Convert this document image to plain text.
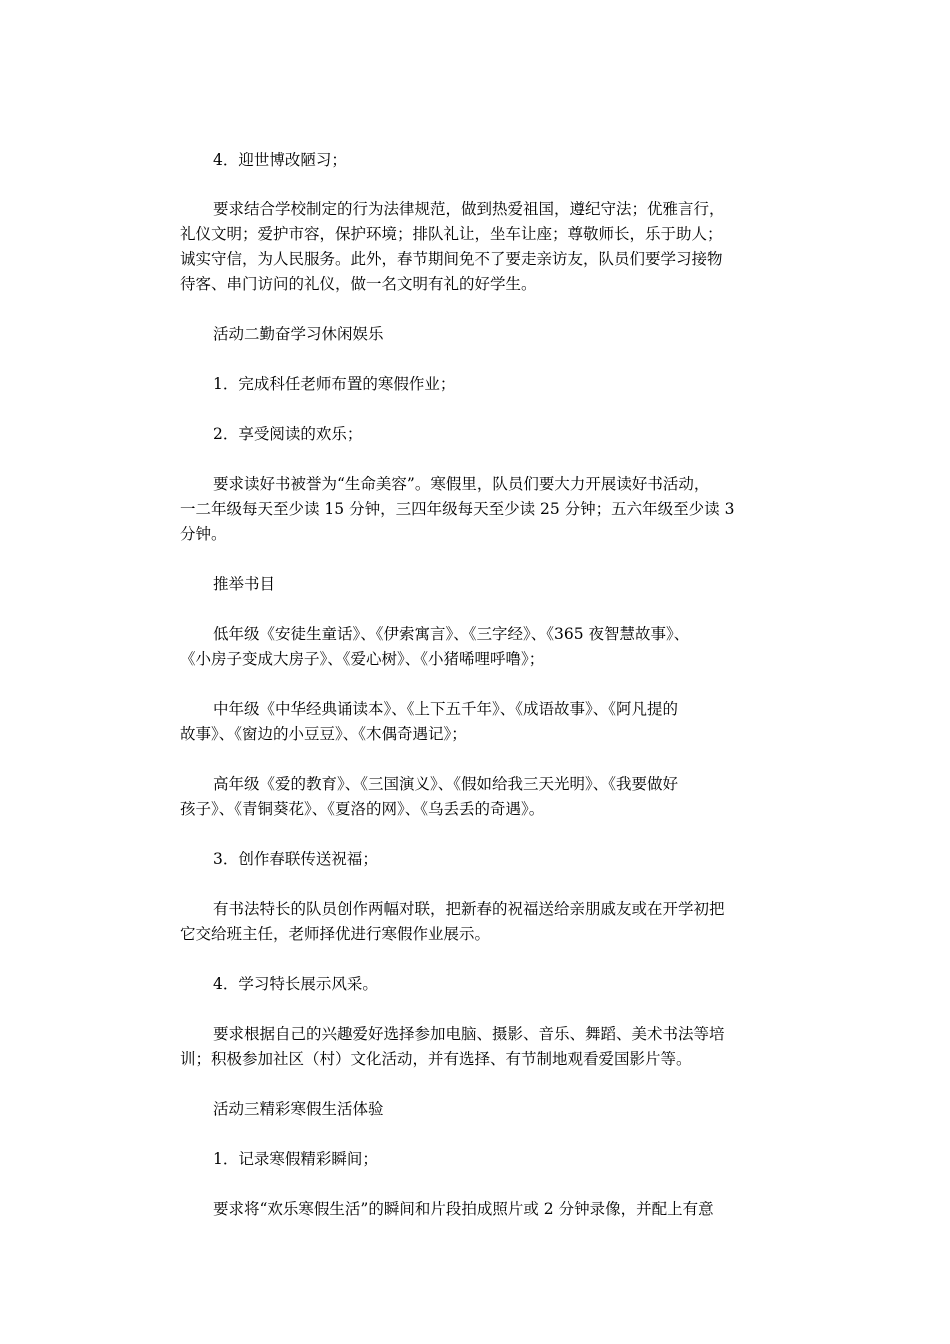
4．迎世博改陋习；
要求结合学校制定的行为法律规范，做到热爱祖国，遵纪守法；优雅言行，
礼仪文明；爱护市容，保护环境；排队礼让，坐车让座；尊敬师长，乐于助人；
诚实守信，为人民服务。此外，春节期间免不了要走亲访友，队员们要学习接物
待客、串门访问的礼仪，做一名文明有礼的好学生。
活动二勤奋学习休闲娱乐
1．完成科任老师布置的寒假作业；
2．享受阅读的欢乐；
要求读好书被誉为“生命美容”。寒假里，队员们要大力开展读好书活动，
一二年级每天至少读 15 分钟，三四年级每天至少读 25 分钟；五六年级至少读 3
分钟。
推举书目
低年级《安徒生童话》、《伊索寓言》、《三字经》、《365 夜智慧故事》、
《小房子变成大房子》、《爱心树》、《小猪唏哩呼噜》；
中年级《中华经典诵读本》、《上下五千年》、《成语故事》、《阿凡提的
故事》、《窗边的小豆豆》、《木偶奇遇记》；
高年级《爱的教育》、《三国演义》、《假如给我三天光明》、《我要做好
孩子》、《青铜葵花》、《夏洛的网》、《乌丢丢的奇遇》。
3．创作春联传送祝福；
有书法特长的队员创作两幅对联，把新春的祝福送给亲朋戚友或在开学初把
它交给班主任，老师择优进行寒假作业展示。
4．学习特长展示风采。
要求根据自己的兴趣爱好选择参加电脑、摄影、音乐、舞蹈、美术书法等培
训；积极参加社区（村）文化活动，并有选择、有节制地观看爱国影片等。
活动三精彩寒假生活体验
1．记录寒假精彩瞬间；
要求将“欢乐寒假生活”的瞬间和片段拍成照片或 2 分钟录像，并配上有意
